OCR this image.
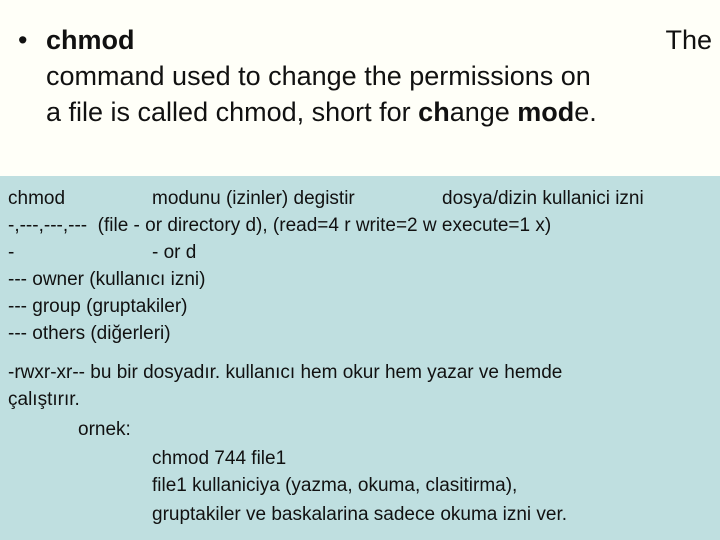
• chmod	The
command used to change the permissions on
a file is called chmod, short for change mode.
chmod	modunu (izinler) degistir	dosya/dizin kullanici izni
-,---,---,---  (file - or directory d), (read=4 r write=2 w execute=1 x)
-	- or d
--- owner (kullanıcı izni)
--- group (gruptakiler)
--- others (diğerleri)
-rwxr-xr-- bu bir dosyadır. kullanıcı hem okur hem yazar ve hemde
çalıştırır.
ornek:
chmod 744 file1
file1 kullaniciya (yazma, okuma, clasitirma),
gruptakiler ve baskalarina sadece okuma izni ver.
